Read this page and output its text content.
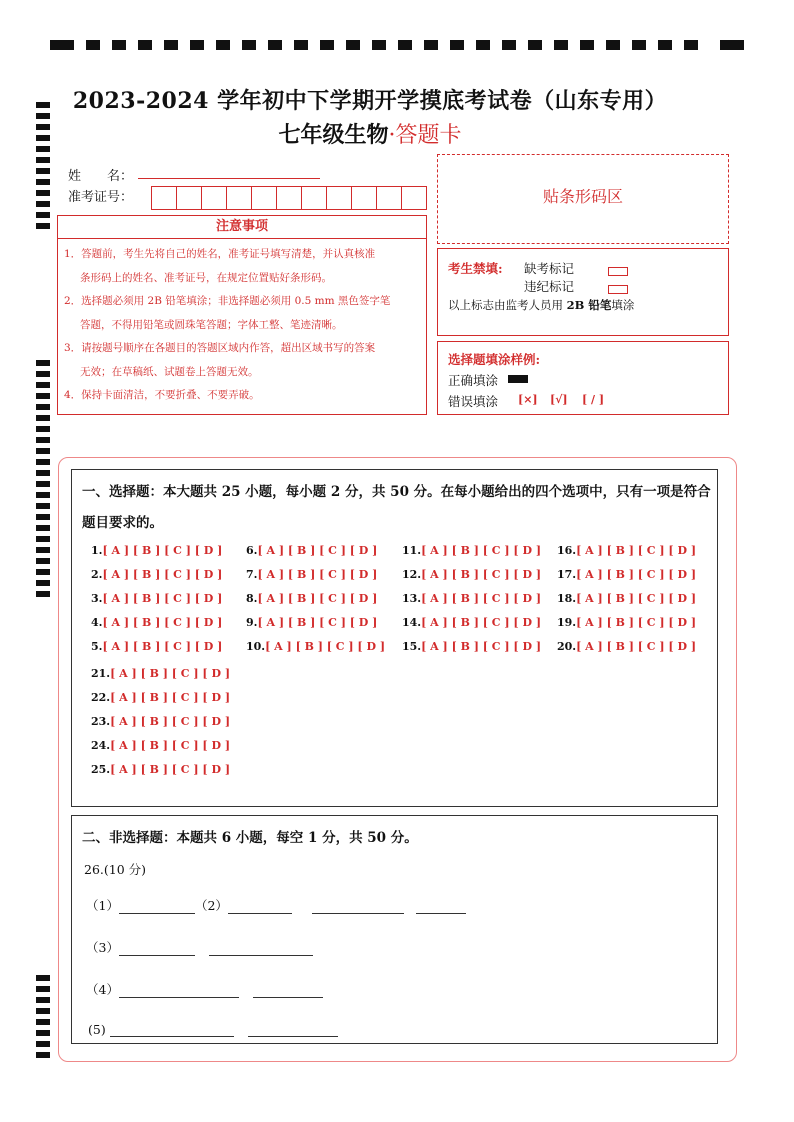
2023-2024 学年初中下学期开学摸底考试卷（山东专用）
七年级生物·答题卡
姓　　名：
准考证号：
注意事项
1．答题前，考生先将自己的姓名，准考证号填写清楚，并认真核准
条形码上的姓名、准考证号，在规定位置贴好条形码。
2．选择题必须用 2B 铅笔填涂；非选择题必须用 0.5 mm 黑色签字笔
答题，不得用铅笔或圆珠笔答题；字体工整、笔迹清晰。
3．请按题号顺序在各题目的答题区域内作答，超出区域书写的答案
无效；在草稿纸、试题卷上答题无效。
4．保持卡面清洁，不要折叠、不要弄破。
贴条形码区
考生禁填: 缺考标记
违纪标记
以上标志由监考人员用 2B 铅笔填涂
选择题填涂样例:
正确填涂
错误填涂 [×] [√] [ / ]
一、选择题：本大题共 25 小题，每小题 2 分，共 50 分。在每小题给出的四个选项中，只有一项是符合
题目要求的。
1.[ A ] [ B ] [ C ] [ D ]
2.[ A ] [ B ] [ C ] [ D ]
3.[ A ] [ B ] [ C ] [ D ]
4.[ A ] [ B ] [ C ] [ D ]
5.[ A ] [ B ] [ C ] [ D ]
6.[ A ] [ B ] [ C ] [ D ]
7.[ A ] [ B ] [ C ] [ D ]
8.[ A ] [ B ] [ C ] [ D ]
9.[ A ] [ B ] [ C ] [ D ]
10.[ A ] [ B ] [ C ] [ D ]
11.[ A ] [ B ] [ C ] [ D ]
12.[ A ] [ B ] [ C ] [ D ]
13.[ A ] [ B ] [ C ] [ D ]
14.[ A ] [ B ] [ C ] [ D ]
15.[ A ] [ B ] [ C ] [ D ]
16.[ A ] [ B ] [ C ] [ D ]
17.[ A ] [ B ] [ C ] [ D ]
18.[ A ] [ B ] [ C ] [ D ]
19.[ A ] [ B ] [ C ] [ D ]
20.[ A ] [ B ] [ C ] [ D ]
21.[ A ] [ B ] [ C ] [ D ]
22.[ A ] [ B ] [ C ] [ D ]
23.[ A ] [ B ] [ C ] [ D ]
24.[ A ] [ B ] [ C ] [ D ]
25.[ A ] [ B ] [ C ] [ D ]
二、非选择题：本题共 6 小题，每空 1 分，共 50 分。
26.(10 分)
（1）	（2）
（3）
（4）
(5)
